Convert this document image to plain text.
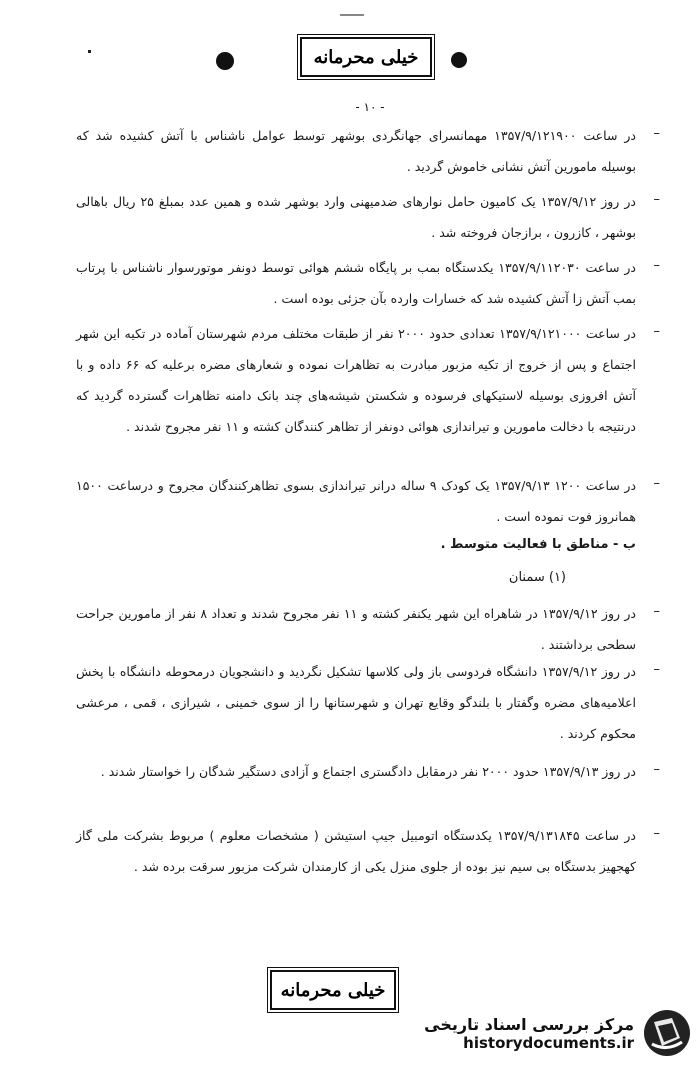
خیلی محرمانه
- ۱۰ -
–
در ساعت ۱۳۵۷/۹/۱۲۱۹۰۰ مهمانسرای جهانگردی بوشهر توسط عوامل ناشناس با آتش کشیده شد که بوسیله مامورین آتش نشانی خاموش گردید .
–
در روز ۱۳۵۷/۹/۱۲ یک کامیون حامل نوارهای ضدمیهنی وارد بوشهر شده و همین عدد بمبلغ ۲۵ ریال باهالی بوشهر ، کازرون ، برازجان فروخته شد .
–
در ساعت ۱۳۵۷/۹/۱۱۲۰۳۰ یکدستگاه بمب بر پایگاه ششم هوائی توسط دونفر موتورسوار ناشناس با پرتاب بمب آتش زا آتش کشیده شد که خسارات وارده بآن جزئی بوده است .
–
در ساعت ۱۳۵۷/۹/۱۲۱۰۰۰ تعدادی حدود ۲۰۰۰ نفر از طبقات مختلف مردم شهرستان آماده در تکیه این شهر اجتماع و پس از خروج از تکیه مزبور مبادرت به تظاهرات نموده و شعارهای مضره برعلیه که ۶۶ داده و با آتش افروزی بوسیله لاستیکهای فرسوده و شکستن شیشه‌های چند بانک دامنه تظاهرات گسترده گردید که درنتیجه با دخالت مامورین و تیراندازی هوائی دونفر از تظاهر کنندگان کشته و ۱۱ نفر مجروح شدند .
–
در ساعت ۱۲۰۰ ۱۳۵۷/۹/۱۳ یک کودک ۹ ساله درانر تیراندازی بسوی تظاهرکنندگان مجروح و درساعت ۱۵۰۰ همانروز فوت نموده است .
ب - مناطق با فعالیت متوسط .
(۱) سمنان
–
در روز ۱۳۵۷/۹/۱۲ در شاهراه این شهر یکنفر کشته و ۱۱ نفر مجروح شدند و تعداد ۸ نفر از مامورین جراحت سطحی برداشتند .
–
در روز ۱۳۵۷/۹/۱۲ دانشگاه فردوسی باز ولی کلاسها تشکیل نگردید و دانشجویان درمحوطه دانشگاه با پخش اعلامیه‌های مضره وگفتار با بلندگو وقایع تهران و شهرستانها را از سوی خمینی ، شیرازی ، قمی ، مرعشی محکوم کردند .
–
در روز ۱۳۵۷/۹/۱۳ حدود ۲۰۰۰ نفر درمقابل دادگستری اجتماع و آزادی دستگیر شدگان را خواستار شدند .
–
در ساعت ۱۳۵۷/۹/۱۳۱۸۴۵ یکدستگاه اتومبیل جیپ استیشن ( مشخصات معلوم ) مربوط بشرکت ملی گاز کهجهیز بدستگاه بی سیم نیز بوده از جلوی منزل یکی از کارمندان شرکت مزبور سرقت برده شد .
خیلی محرمانه
مرکز بررسی اسناد تاریخی
historydocuments.ir
